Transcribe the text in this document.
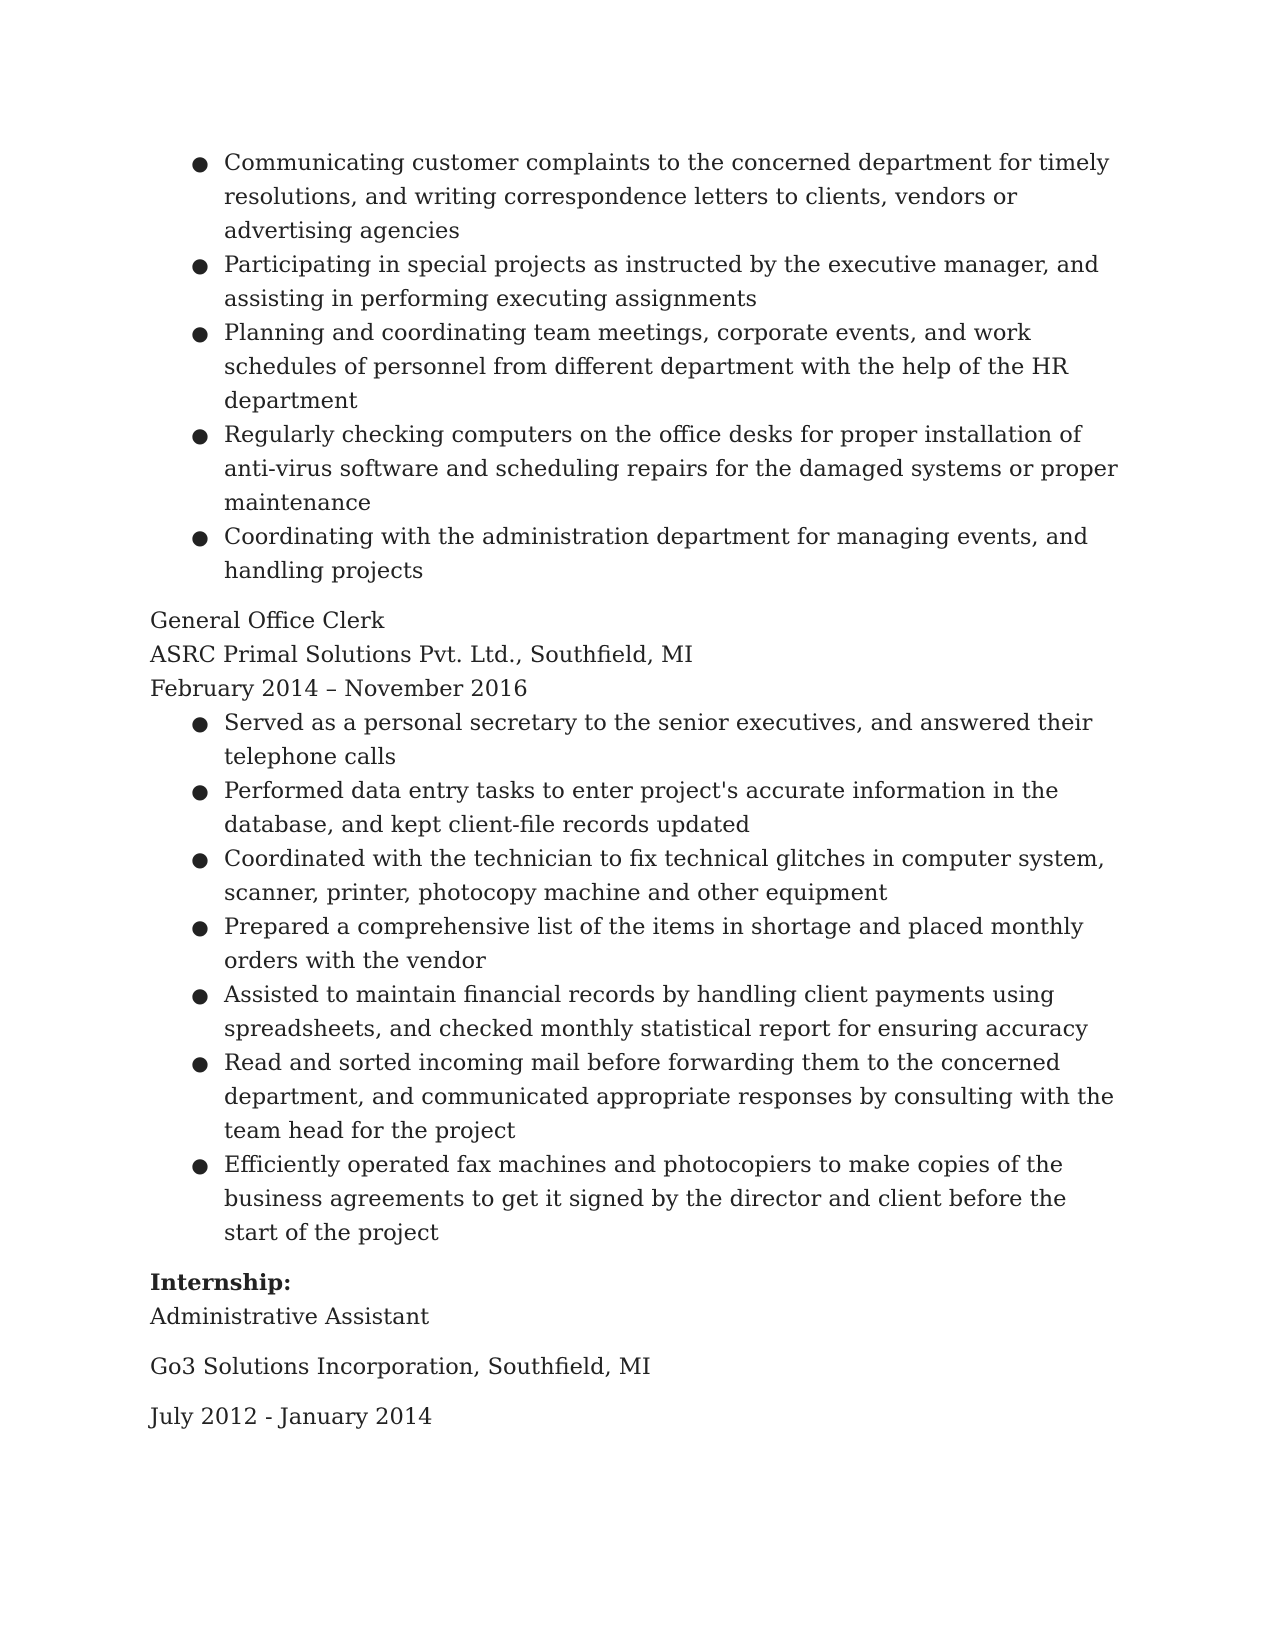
● Communicating customer complaints to the concerned department for timely resolutions, and writing correspondence letters to clients, vendors or advertising agencies
● Participating in special projects as instructed by the executive manager, and assisting in performing executing assignments
● Planning and coordinating team meetings, corporate events, and work schedules of personnel from different department with the help of the HR department
● Regularly checking computers on the office desks for proper installation of anti-virus software and scheduling repairs for the damaged systems or proper maintenance
● Coordinating with the administration department for managing events, and handling projects

General Office Clerk

ASRC Primal Solutions Pvt. Ltd., Southfield, MI

February 2014 – November 2016

● Served as a personal secretary to the senior executives, and answered their telephone calls
● Performed data entry tasks to enter project's accurate information in the database, and kept client-file records updated
● Coordinated with the technician to fix technical glitches in computer system, scanner, printer, photocopy machine and other equipment
● Prepared a comprehensive list of the items in shortage and placed monthly orders with the vendor
● Assisted to maintain financial records by handling client payments using spreadsheets, and checked monthly statistical report for ensuring accuracy
● Read and sorted incoming mail before forwarding them to the concerned department, and communicated appropriate responses by consulting with the team head for the project
● Efficiently operated fax machines and photocopiers to make copies of the business agreements to get it signed by the director and client before the start of the project

Internship:

Administrative Assistant

Go3 Solutions Incorporation, Southfield, MI

July 2012 - January 2014
